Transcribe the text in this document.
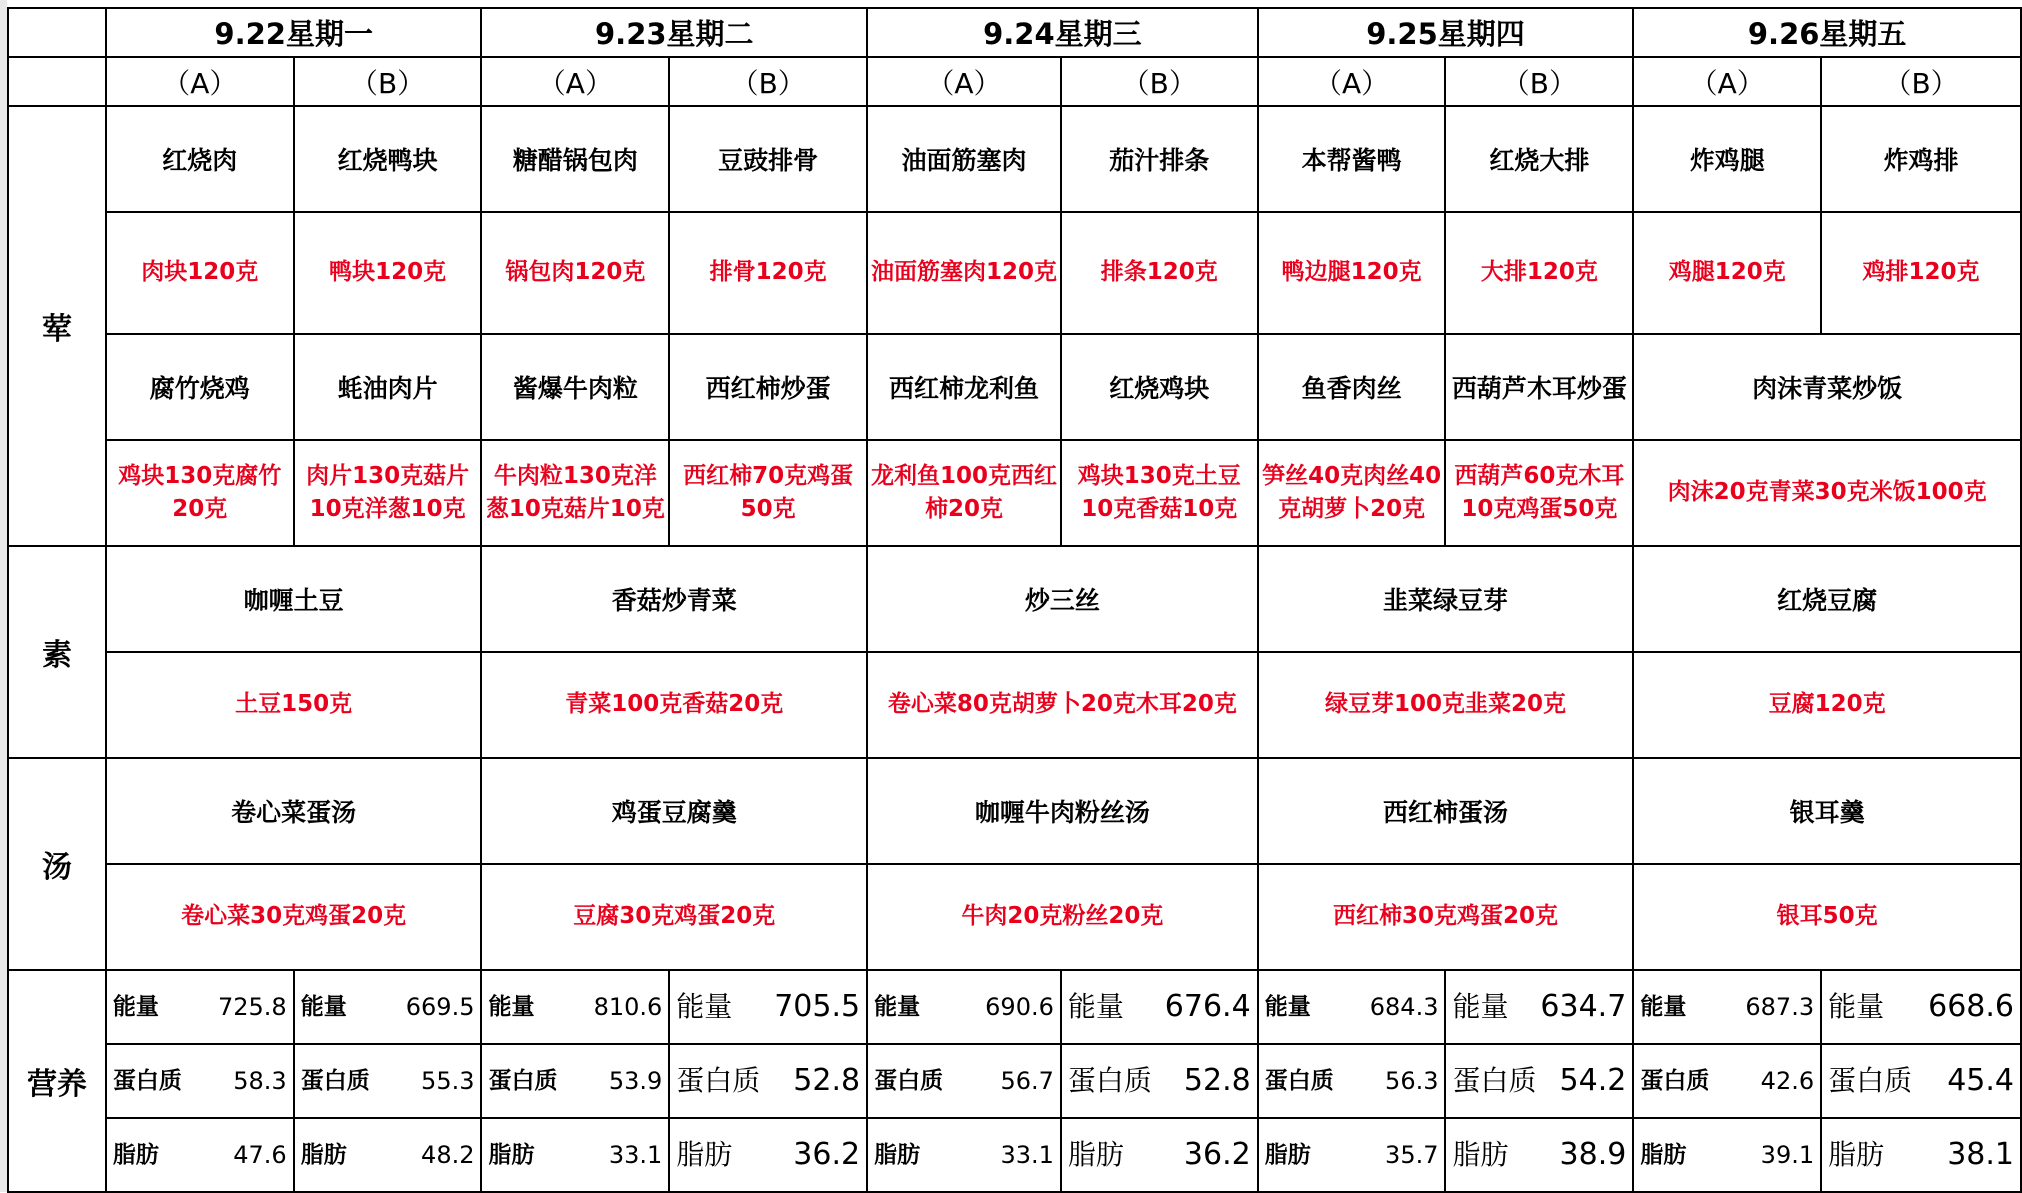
	9.22星期一		9.23星期二		9.24星期三		9.25星期四		9.26星期五	
	（A）	（B）	（A）	（B）	（A）	（B）	（A）	（B）	（A）	（B）
荤	红烧肉	红烧鸭块	糖醋锅包肉	豆豉排骨	油面筋塞肉	茄汁排条	本帮酱鸭	红烧大排	炸鸡腿	炸鸡排
	肉块120克	鸭块120克	锅包肉120克	排骨120克	油面筋塞肉120克	排条120克	鸭边腿120克	大排120克	鸡腿120克	鸡排120克
	腐竹烧鸡	蚝油肉片	酱爆牛肉粒	西红柿炒蛋	西红柿龙利鱼	红烧鸡块	鱼香肉丝	西葫芦木耳炒蛋	肉沫青菜炒饭	
	鸡块130克腐竹20克	肉片130克菇片10克洋葱10克	牛肉粒130克洋葱10克菇片10克	西红柿70克鸡蛋50克	龙利鱼100克西红柿20克	鸡块130克土豆10克香菇10克	笋丝40克肉丝40克胡萝卜20克	西葫芦60克木耳10克鸡蛋50克	肉沫20克青菜30克米饭100克	
素	咖喱土豆		香菇炒青菜		炒三丝		韭菜绿豆芽		红烧豆腐	
	土豆150克		青菜100克香菇20克		卷心菜80克胡萝卜20克木耳20克		绿豆芽100克韭菜20克		豆腐120克	
汤	卷心菜蛋汤		鸡蛋豆腐羹		咖喱牛肉粉丝汤		西红柿蛋汤		银耳羹	
	卷心菜30克鸡蛋20克		豆腐30克鸡蛋20克		牛肉20克粉丝20克		西红柿30克鸡蛋20克		银耳50克	
营养	能量 725.8	能量 669.5	能量 810.6	能量 705.5	能量 690.6	能量 676.4	能量 684.3	能量 634.7	能量 687.3	能量 668.6

	蛋白质 58.3	蛋白质 55.3	蛋白质 53.9	蛋白质 52.8	蛋白质 56.7	蛋白质 52.8	蛋白质 56.3	蛋白质 54.2	蛋白质 42.6	蛋白质 45.4

	脂肪 47.6	脂肪 48.2	脂肪 33.1	脂肪 36.2	脂肪 33.1	脂肪 36.2	脂肪 35.7	脂肪 38.9	脂肪 39.1	脂肪 38.1
